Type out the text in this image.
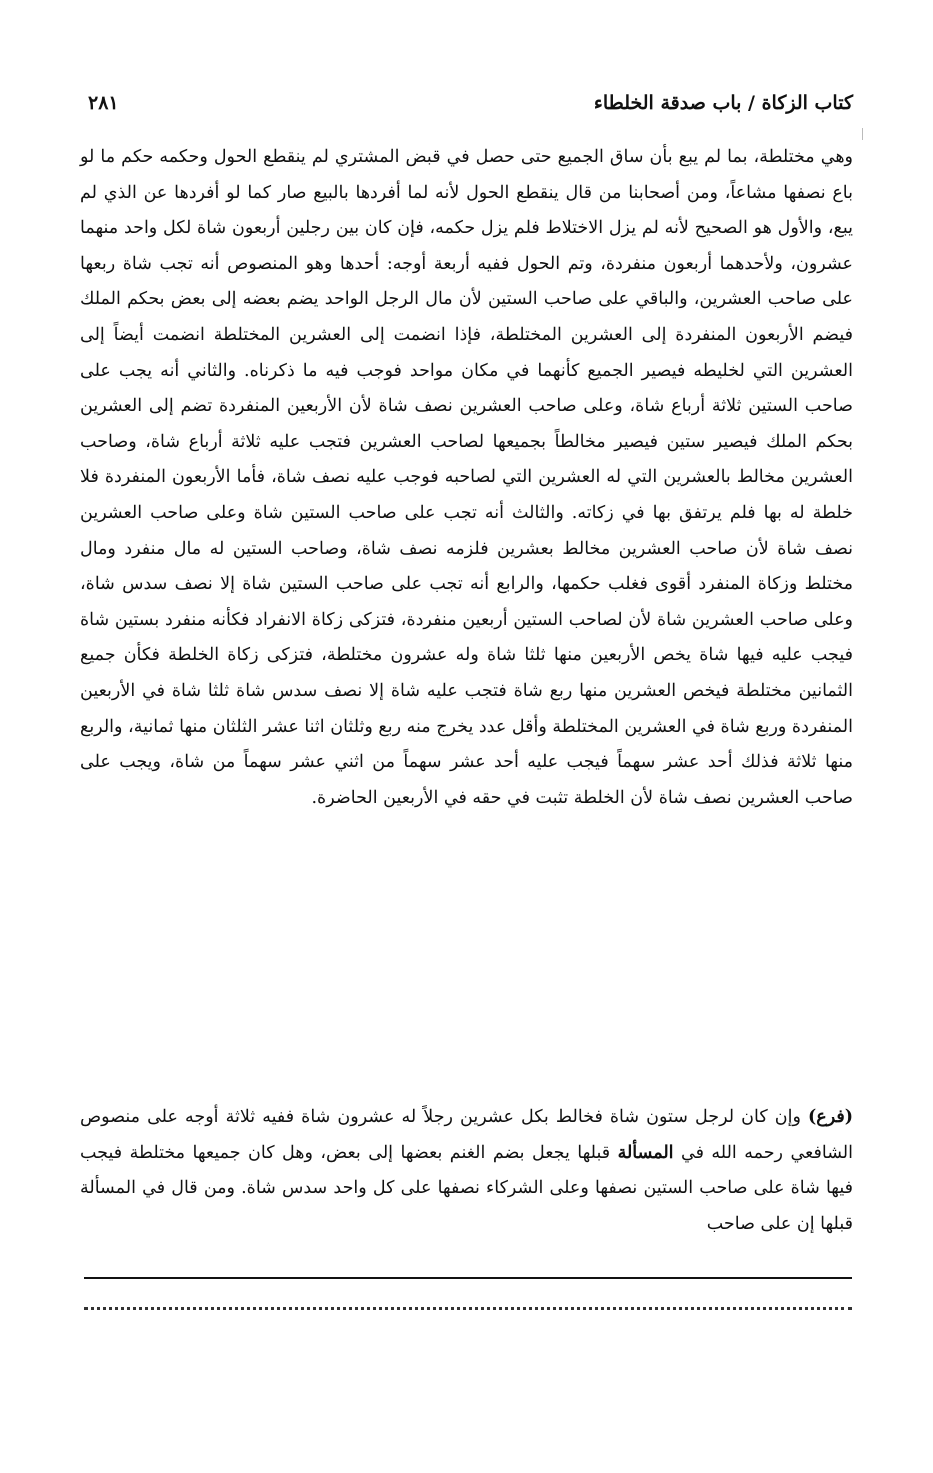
كتاب الزكاة / باب صدقة الخلطاء
٢٨١

وهي مختلطة، بما لم يبع بأن ساق الجميع حتى حصل في قبض المشتري لم ينقطع الحول وحكمه حكم ما لو باع نصفها مشاعاً، ومن أصحابنا من قال ينقطع الحول لأنه لما أفردها بالبيع صار كما لو أفردها عن الذي لم يبع، والأول هو الصحيح لأنه لم يزل الاختلاط فلم يزل حكمه، فإن كان بين رجلين أربعون شاة لكل واحد منهما عشرون، ولأحدهما أربعون منفردة، وتم الحول ففيه أربعة أوجه: أحدها وهو المنصوص أنه تجب شاة ربعها على صاحب العشرين، والباقي على صاحب الستين لأن مال الرجل الواحد يضم بعضه إلى بعض بحكم الملك فيضم الأربعون المنفردة إلى العشرين المختلطة، فإذا انضمت إلى العشرين المختلطة انضمت أيضاً إلى العشرين التي لخليطه فيصير الجميع كأنهما في مكان مواحد فوجب فيه ما ذكرناه. والثاني أنه يجب على صاحب الستين ثلاثة أرباع شاة، وعلى صاحب العشرين نصف شاة لأن الأربعين المنفردة تضم إلى العشرين بحكم الملك فيصير ستين فيصير مخالطاً بجميعها لصاحب العشرين فتجب عليه ثلاثة أرباع شاة، وصاحب العشرين مخالط بالعشرين التي له العشرين التي لصاحبه فوجب عليه نصف شاة، فأما الأربعون المنفردة فلا خلطة له بها فلم يرتفق بها في زكاته. والثالث أنه تجب على صاحب الستين شاة وعلى صاحب العشرين نصف شاة لأن صاحب العشرين مخالط بعشرين فلزمه نصف شاة، وصاحب الستين له مال منفرد ومال مختلط وزكاة المنفرد أقوى فغلب حكمها، والرابع أنه تجب على صاحب الستين شاة إلا نصف سدس شاة، وعلى صاحب العشرين شاة لأن لصاحب الستين أربعين منفردة، فتزكى زكاة الانفراد فكأنه منفرد بستين شاة فيجب عليه فيها شاة يخص الأربعين منها ثلثا شاة وله عشرون مختلطة، فتزكى زكاة الخلطة فكأن جميع الثمانين مختلطة فيخص العشرين منها ربع شاة فتجب عليه شاة إلا نصف سدس شاة ثلثا شاة في الأربعين المنفردة وربع شاة في العشرين المختلطة وأقل عدد يخرج منه ربع وثلثان اثنا عشر الثلثان منها ثمانية، والربع منها ثلاثة فذلك أحد عشر سهماً فيجب عليه أحد عشر سهماً من اثني عشر سهماً من شاة، ويجب على صاحب العشرين نصف شاة لأن الخلطة تثبت في حقه في الأربعين الحاضرة.

(فرع) وإن كان لرجل ستون شاة فخالط بكل عشرين رجلاً له عشرون شاة ففيه ثلاثة أوجه على منصوص الشافعي رحمه الله في المسألة قبلها يجعل بضم الغنم بعضها إلى بعض، وهل كان جميعها مختلطة فيجب فيها شاة على صاحب الستين نصفها وعلى الشركاء نصفها على كل واحد سدس شاة. ومن قال في المسألة قبلها إن على صاحب
